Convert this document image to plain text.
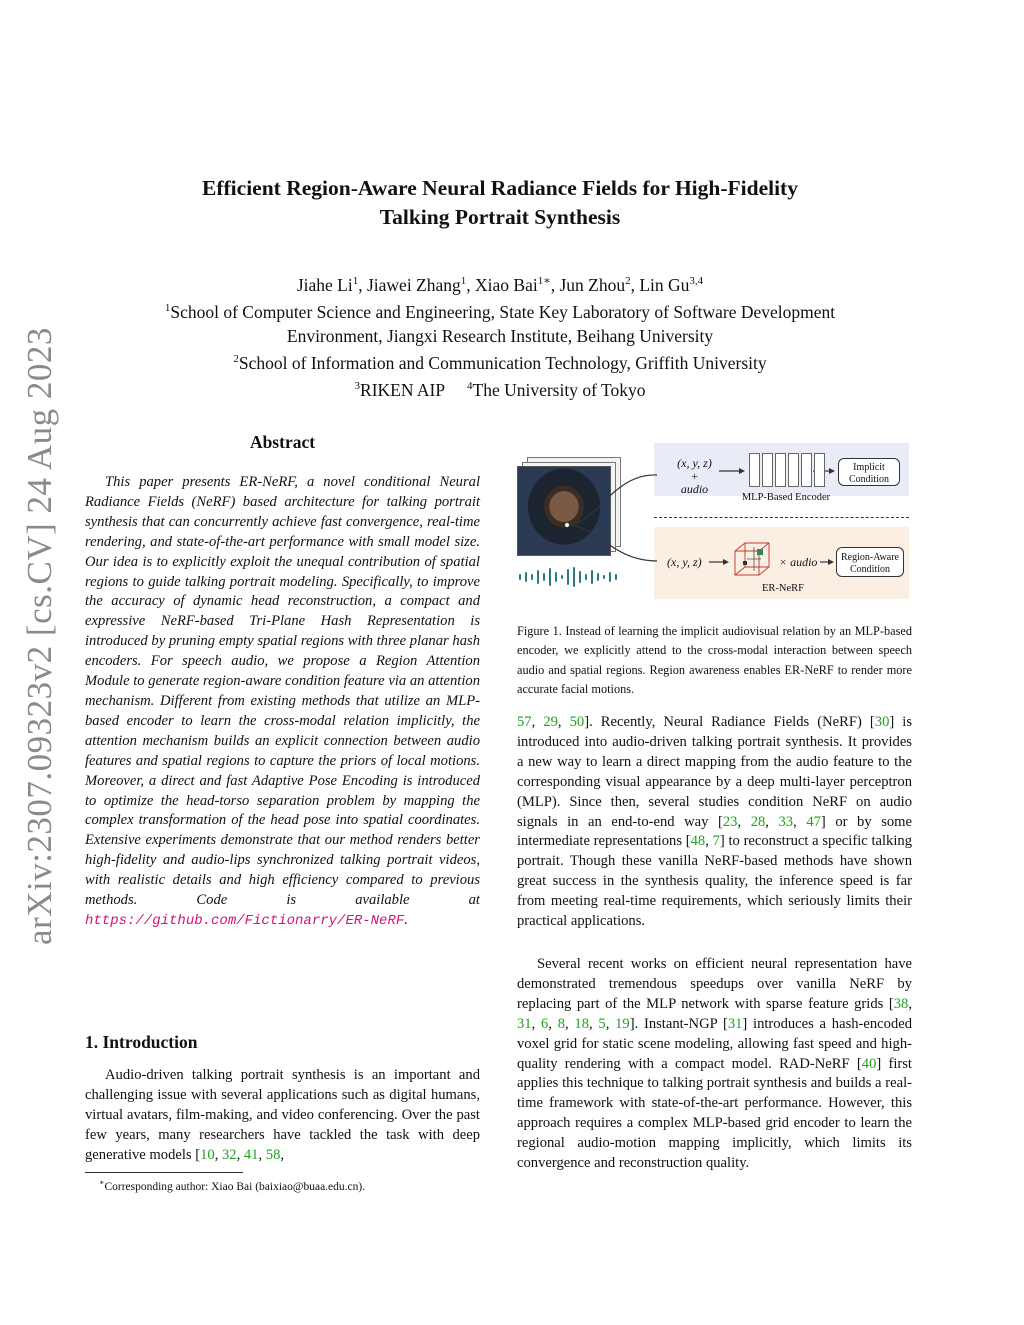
arXiv:2307.09323v2 [cs.CV] 24 Aug 2023
Efficient Region-Aware Neural Radiance Fields for High-Fidelity
Talking Portrait Synthesis
Jiahe Li$^1$, Jiawei Zhang$^1$, Xiao Bai$^{1∗}$, Jun Zhou$^2$, Lin Gu$^{3,4}$
$^1$School of Computer Science and Engineering, State Key Laboratory of Software Development
Environment, Jiangxi Research Institute, Beihang University
$^2$School of Information and Communication Technology, Griffith University
$^3$RIKEN AIP $^4$The University of Tokyo
Abstract
This paper presents ER-NeRF, a novel conditional Neural Radiance Fields (NeRF) based architecture for talking portrait synthesis that can concurrently achieve fast convergence, real-time rendering, and state-of-the-art performance with small model size. Our idea is to explicitly exploit the unequal contribution of spatial regions to guide talking portrait modeling. Specifically, to improve the accuracy of dynamic head reconstruction, a compact and expressive NeRF-based Tri-Plane Hash Representation is introduced by pruning empty spatial regions with three planar hash encoders. For speech audio, we propose a Region Attention Module to generate region-aware condition feature via an attention mechanism. Different from existing methods that utilize an MLP-based encoder to learn the cross-modal relation implicitly, the attention mechanism builds an explicit connection between audio features and spatial regions to capture the priors of local motions. Moreover, a direct and fast Adaptive Pose Encoding is introduced to optimize the head-torso separation problem by mapping the complex transformation of the head pose into spatial coordinates. Extensive experiments demonstrate that our method renders better high-fidelity and audio-lips synchronized talking portrait videos, with realistic details and high efficiency compared to previous methods. Code is available at https://github.com/Fictionarry/ER-NeRF.
1. Introduction
Audio-driven talking portrait synthesis is an important and challenging issue with several applications such as digital humans, virtual avatars, film-making, and video conferencing. Over the past few years, many researchers have tackled the task with deep generative models [10, 32, 41, 58,
∗Corresponding author: Xiao Bai (baixiao@buaa.edu.cn).
(x, y, z)
+
audio
MLP-Based Encoder
Implicit
Condition
(x, y, z)	× audio	Region-Aware
Condition
ER-NeRF
Figure 1. Instead of learning the implicit audiovisual relation by an MLP-based encoder, we explicitly attend to the cross-modal interaction between speech audio and spatial regions. Region awareness enables ER-NeRF to render more accurate facial motions.
57, 29, 50]. Recently, Neural Radiance Fields (NeRF) [30] is introduced into audio-driven talking portrait synthesis. It provides a new way to learn a direct mapping from the audio feature to the corresponding visual appearance by a deep multi-layer perceptron (MLP). Since then, several studies condition NeRF on audio signals in an end-to-end way [23, 28, 33, 47] or by some intermediate representations [48, 7] to reconstruct a specific talking portrait. Though these vanilla NeRF-based methods have shown great success in the synthesis quality, the inference speed is far from meeting real-time requirements, which seriously limits their practical applications.
Several recent works on efficient neural representation have demonstrated tremendous speedups over vanilla NeRF by replacing part of the MLP network with sparse feature grids [38, 31, 6, 8, 18, 5, 19]. Instant-NGP [31] introduces a hash-encoded voxel grid for static scene modeling, allowing fast speed and high-quality rendering with a compact model. RAD-NeRF [40] first applies this technique to talking portrait synthesis and builds a real-time framework with state-of-the-art performance. However, this approach requires a complex MLP-based grid encoder to learn the regional audio-motion mapping implicitly, which limits its convergence and reconstruction quality.
